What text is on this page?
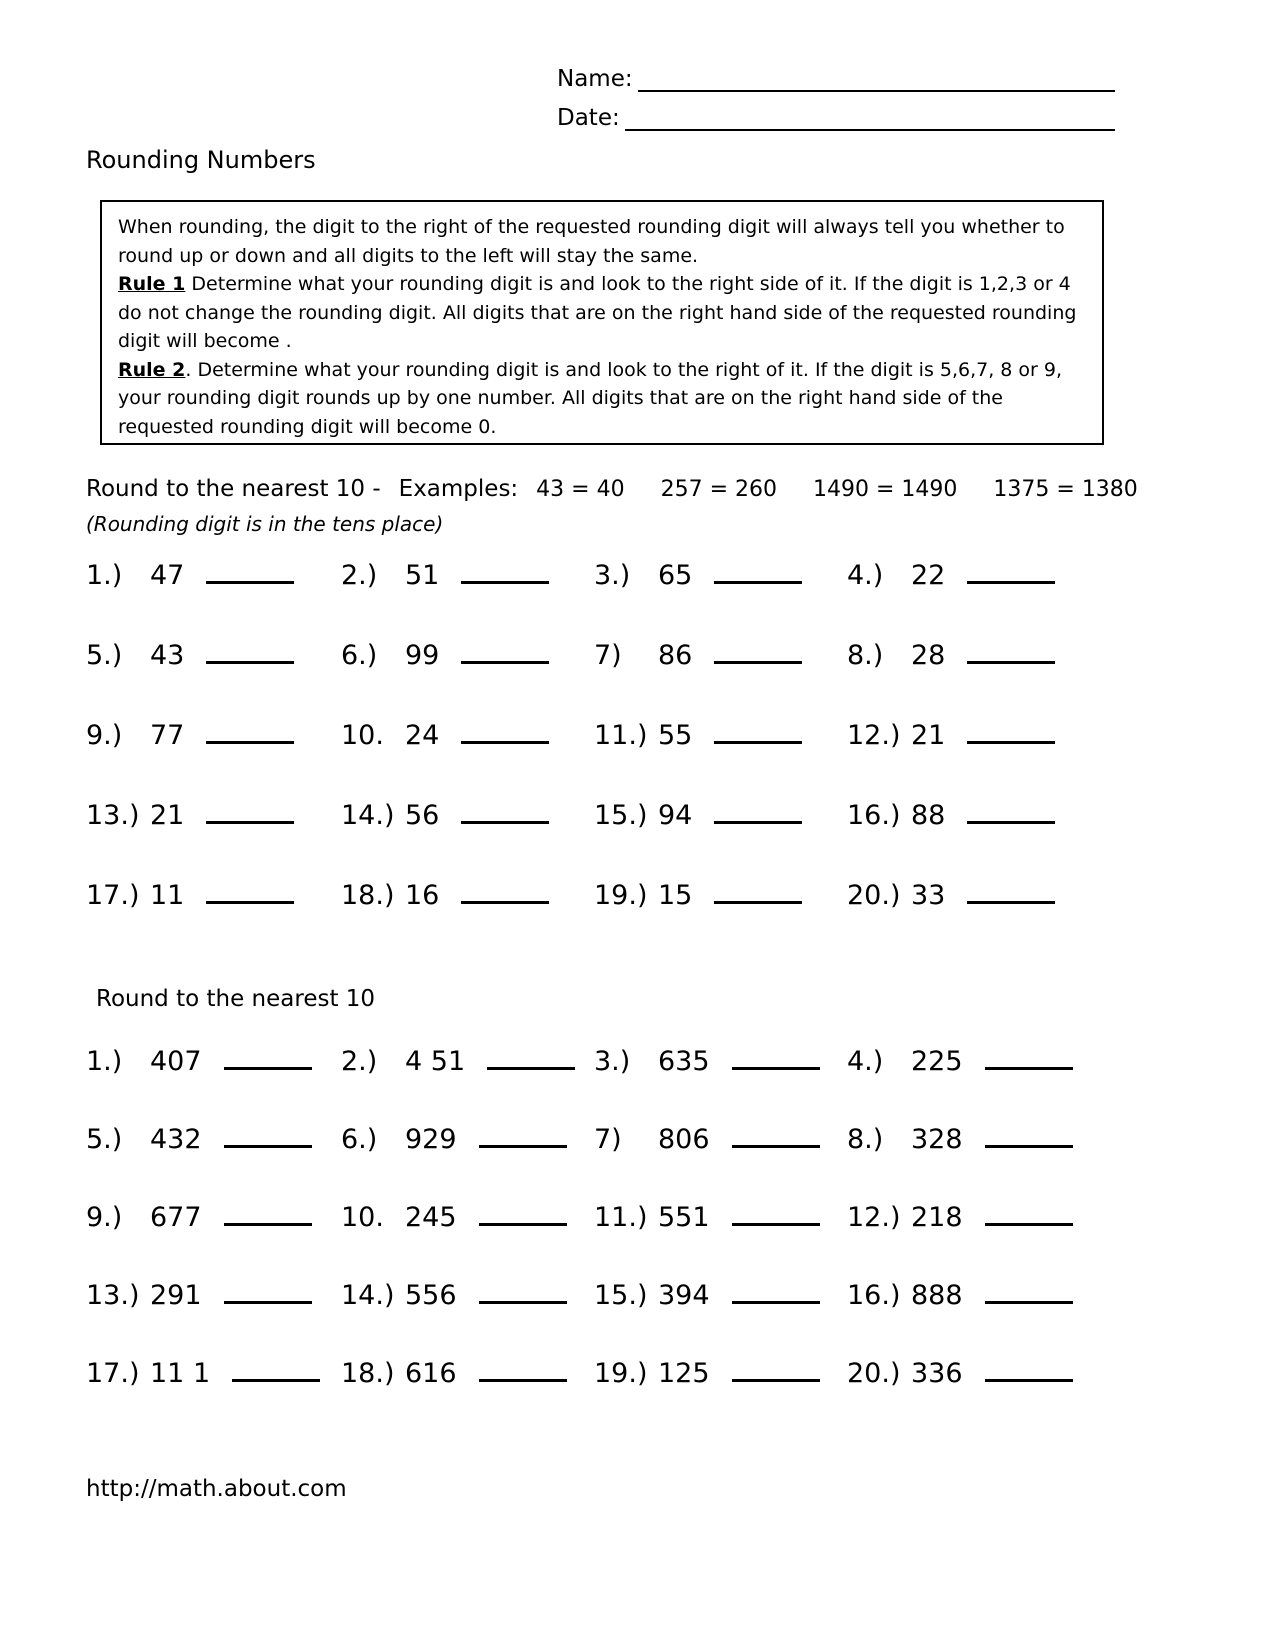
Name:
Date:
Rounding Numbers
When rounding, the digit to the right of the requested rounding digit will always tell you whether to round up or down and all digits to the left will stay the same.
Rule 1 Determine what your rounding digit is and look to the right side of it. If the digit is 1,2,3 or 4 do not change the rounding digit. All digits that are on the right hand side of the requested rounding digit will become .
Rule 2. Determine what your rounding digit is and look to the right of it. If the digit is 5,6,7, 8 or 9, your rounding digit rounds up by one number. All digits that are on the right hand side of the requested rounding digit will become 0.
Round to the nearest 10 - Examples: 43 = 40 257 = 260 1490 = 1490 1375 = 1380
(Rounding digit is in the tens place)
1.)	47	2.)	51	3.)	65	4.)	22
5.)	43	6.)	99	7)	86	8.)	28
9.)	77	10. 24	11.) 55	12.) 21
13.) 21	14.) 56	15.) 94	16.) 88
17.) 11	18.) 16	19.) 15	20.) 33
Round to the nearest 10
1.)	407	2.)	4 51	3.)	635	4.)	225
5.)	432	6.)	929	7)	806	8.)	328
9.)	677	10. 245	11.) 551	12.) 218
13.) 291	14.) 556	15.) 394	16.) 888
17.) 11 1	18.) 616	19.) 125	20.) 336
http://math.about.com
